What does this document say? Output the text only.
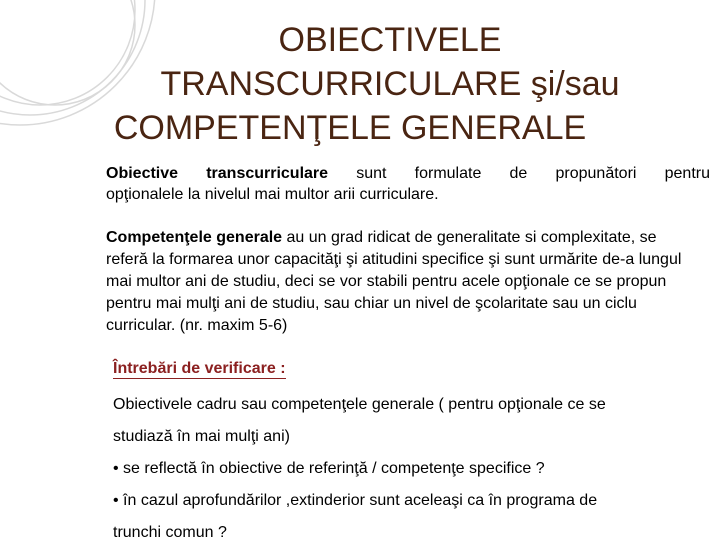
OBIECTIVELE
TRANSCURRICULARE şi/sau
COMPETENŢELE GENERALE
Obiective transcurriculare sunt formulate de propunători pentru
opţionalele la nivelul mai multor arii curriculare.
Competenţele generale au un grad ridicat de generalitate si complexitate, se referă la formarea unor capacităţi şi atitudini specifice şi sunt urmărite de-a lungul mai multor ani de studiu, deci se vor stabili pentru acele opţionale ce se propun pentru mai mulţi ani de studiu, sau chiar un nivel de şcolaritate sau un ciclu curricular. (nr. maxim 5-6)
Întrebări de verificare :
Obiectivele cadru sau competenţele generale ( pentru opţionale ce se
studiază în mai mulţi ani)
• se reflectă în obiective de referinţă / competenţe specifice ?
• în cazul aprofundărilor ,extinderior sunt aceleaşi ca în programa de
trunchi comun ?
